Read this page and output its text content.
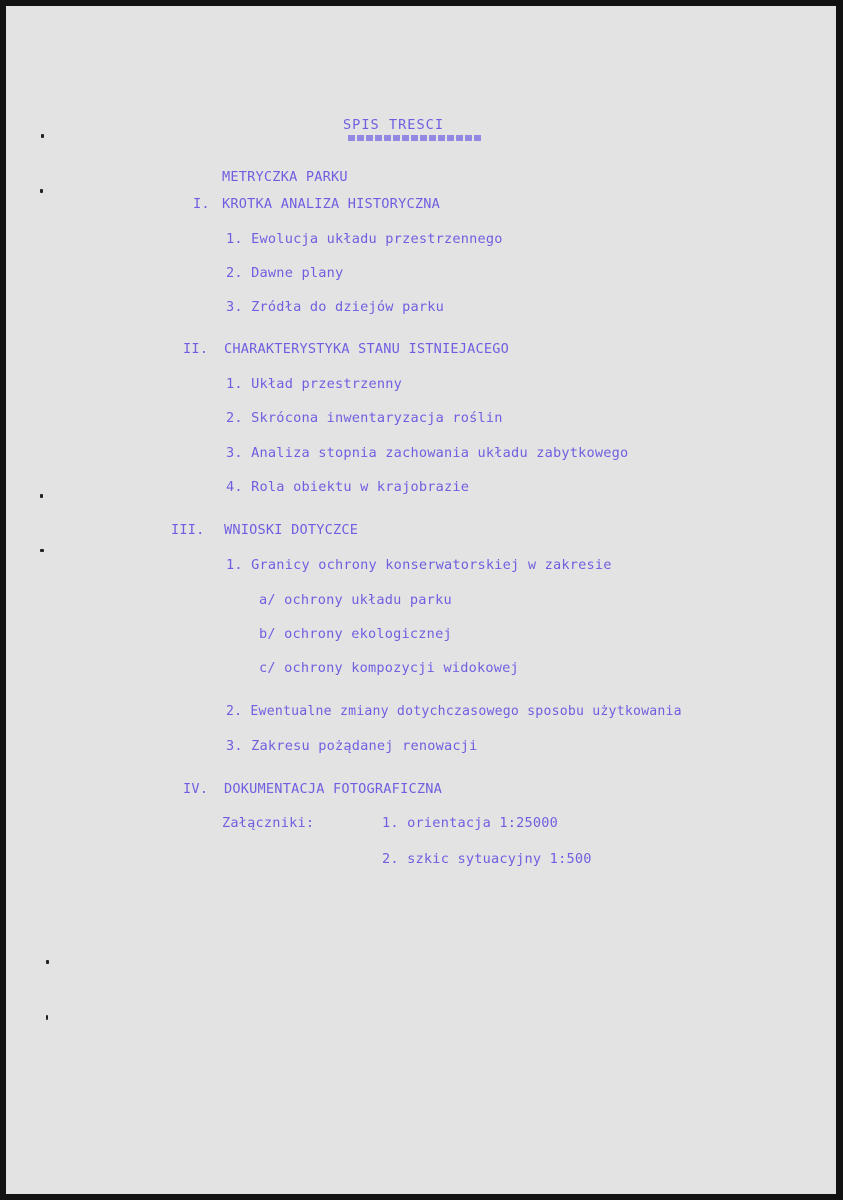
SPIS TRESCI
METRYCZKA PARKU
I. KROTKA ANALIZA HISTORYCZNA
1. Ewolucja układu przestrzennego
2. Dawne plany
3. Zródła do dziejów parku
II. CHARAKTERYSTYKA STANU ISTNIEJACEGO
1. Układ przestrzenny
2. Skrócona inwentaryzacja roślin
3. Analiza stopnia zachowania układu zabytkowego
4. Rola obiektu w krajobrazie
III. WNIOSKI DOTYCZCE
1. Granicy ochrony konserwatorskiej w zakresie
a/ ochrony układu parku
b/ ochrony ekologicznej
c/ ochrony kompozycji widokowej
2. Ewentualne zmiany dotychczasowego sposobu użytkowania
3. Zakresu pożądanej renowacji
IV. DOKUMENTACJA FOTOGRAFICZNA
Załączniki:	1. orientacja 1:25000
2. szkic sytuacyjny 1:500
